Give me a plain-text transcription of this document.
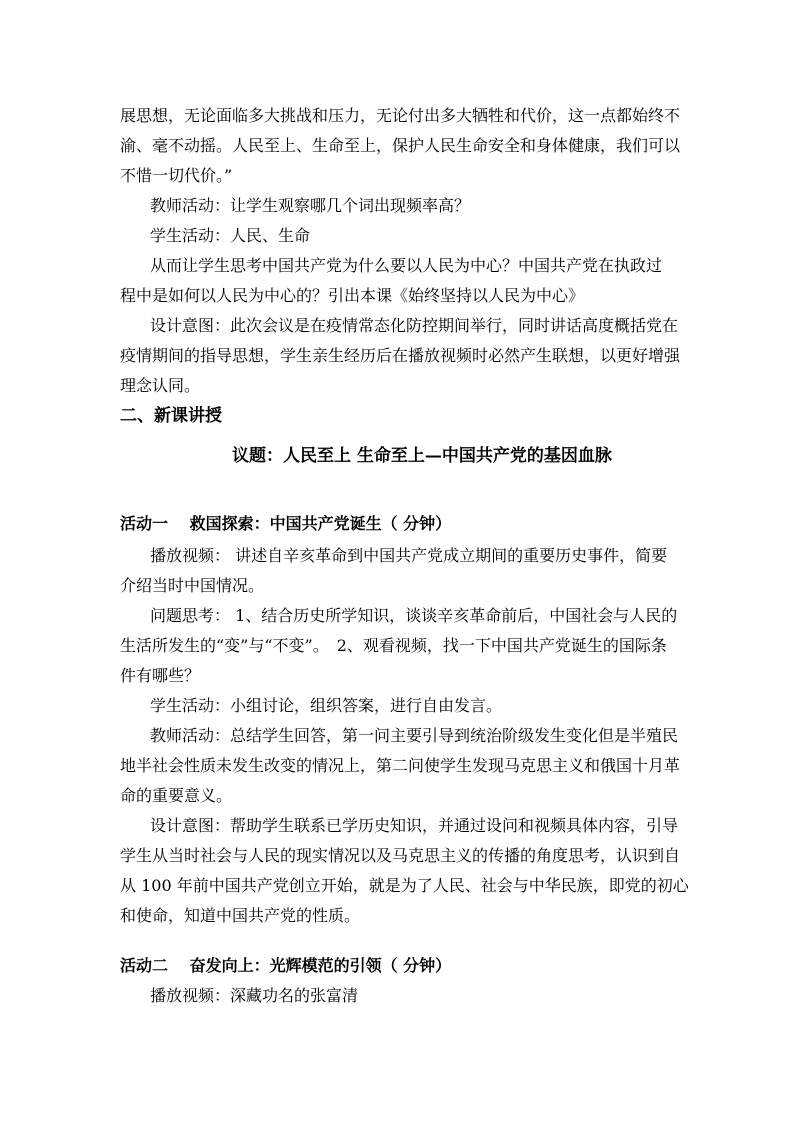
展思想，无论面临多大挑战和压力，无论付出多大牺牲和代价，这一点都始终不
渝、毫不动摇。人民至上、生命至上，保护人民生命安全和身体健康，我们可以
不惜一切代价。”
教师活动：让学生观察哪几个词出现频率高？
学生活动：人民、生命
从而让学生思考中国共产党为什么要以人民为中心？中国共产党在执政过
程中是如何以人民为中心的？引出本课《始终坚持以人民为中心》
设计意图：此次会议是在疫情常态化防控期间举行，同时讲话高度概括党在
疫情期间的指导思想，学生亲生经历后在播放视频时必然产生联想，以更好增强
理念认同。
二、新课讲授
议题：人民至上 生命至上—中国共产党的基因血脉
活动一　 救国探索：中国共产党诞生（ 分钟）
播放视频： 讲述自辛亥革命到中国共产党成立期间的重要历史事件，简要
介绍当时中国情况。
问题思考： 1、结合历史所学知识，谈谈辛亥革命前后，中国社会与人民的
生活所发生的“变”与“不变”。　2、观看视频，找一下中国共产党诞生的国际条
件有哪些？
学生活动：小组讨论，组织答案，进行自由发言。
教师活动：总结学生回答，第一问主要引导到统治阶级发生变化但是半殖民
地半社会性质未发生改变的情况上，第二问使学生发现马克思主义和俄国十月革
命的重要意义。
设计意图：帮助学生联系已学历史知识，并通过设问和视频具体内容，引导
学生从当时社会与人民的现实情况以及马克思主义的传播的角度思考，认识到自
从 100 年前中国共产党创立开始，就是为了人民、社会与中华民族，即党的初心
和使命，知道中国共产党的性质。
活动二　 奋发向上：光辉模范的引领（ 分钟）
播放视频：深藏功名的张富清
